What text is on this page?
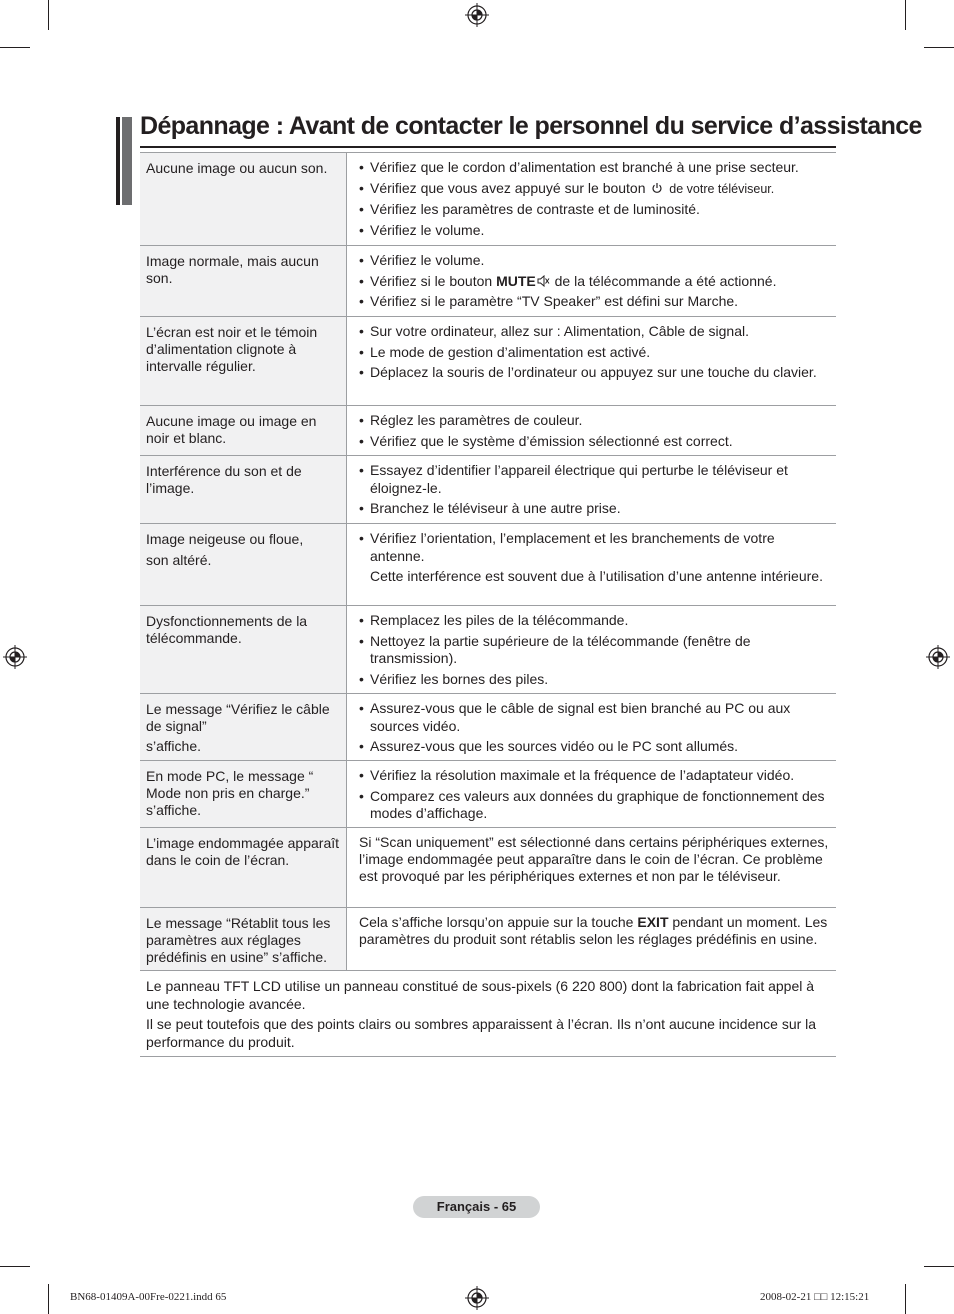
Dépannage : Avant de contacter le personnel du service d’assistance
Aucune image ou aucun son.	• Vérifiez que le cordon d’alimentation est branché à une prise secteur.
• Vérifiez que vous avez appuyé sur le bouton de votre téléviseur.
• Vérifiez les paramètres de contraste et de luminosité.
• Vérifiez le volume.
Image normale, mais aucun son.
• Vérifiez le volume.
• Vérifiez si le bouton MUTE de la télécommande a été actionné.
• Vérifiez si le paramètre “TV Speaker” est défini sur Marche.
L’écran est noir et le témoin d’alimentation clignote à intervalle régulier.
• Sur votre ordinateur, allez sur : Alimentation, Câble de signal.
• Le mode de gestion d’alimentation est activé.
• Déplacez la souris de l’ordinateur ou appuyez sur une touche du clavier.
Aucune image ou image en noir et blanc.
• Réglez les paramètres de couleur.
• Vérifiez que le système d’émission sélectionné est correct.
Interférence du son et de l’image.
• Essayez d’identifier l’appareil électrique qui perturbe le téléviseur et éloignez-le.
• Branchez le téléviseur à une autre prise.
Image neigeuse ou floue,
son altéré.
• Vérifiez l’orientation, l’emplacement et les branchements de votre antenne.
Cette interférence est souvent due à l’utilisation d’une antenne intérieure.
Dysfonctionnements de la télécommande.
• Remplacez les piles de la télécommande.
• Nettoyez la partie supérieure de la télécommande (fenêtre de transmission).
• Vérifiez les bornes des piles.
Le message “Vérifiez le câble de signal”
s’affiche.
• Assurez-vous que le câble de signal est bien branché au PC ou aux sources vidéo.
• Assurez-vous que les sources vidéo ou le PC sont allumés.
En mode PC, le message “ Mode non pris en charge.” s’affiche.
• Vérifiez la résolution maximale et la fréquence de l’adaptateur vidéo.
• Comparez ces valeurs aux données du graphique de fonctionnement des modes d’affichage.
L’image endommagée apparaît dans le coin de l’écran.
Si “Scan uniquement” est sélectionné dans certains périphériques externes, l’image endommagée peut apparaître dans le coin de l’écran. Ce problème est provoqué par les périphériques externes et non par le téléviseur.
Le message “Rétablit tous les paramètres aux réglages prédéfinis en usine” s’affiche.
Cela s’affiche lorsqu’on appuie sur la touche EXIT pendant un moment. Les paramètres du produit sont rétablis selon les réglages prédéfinis en usine.

Le panneau TFT LCD utilise un panneau constitué de sous-pixels (6 220 800) dont la fabrication fait appel à une technologie avancée.

Il se peut toutefois que des points clairs ou sombres apparaissent à l’écran. Ils n’ont aucune incidence sur la performance du produit.

Français - 65
BN68-01409A-00Fre-0221.indd 65	2008-02-21 □□ 12:15:21
